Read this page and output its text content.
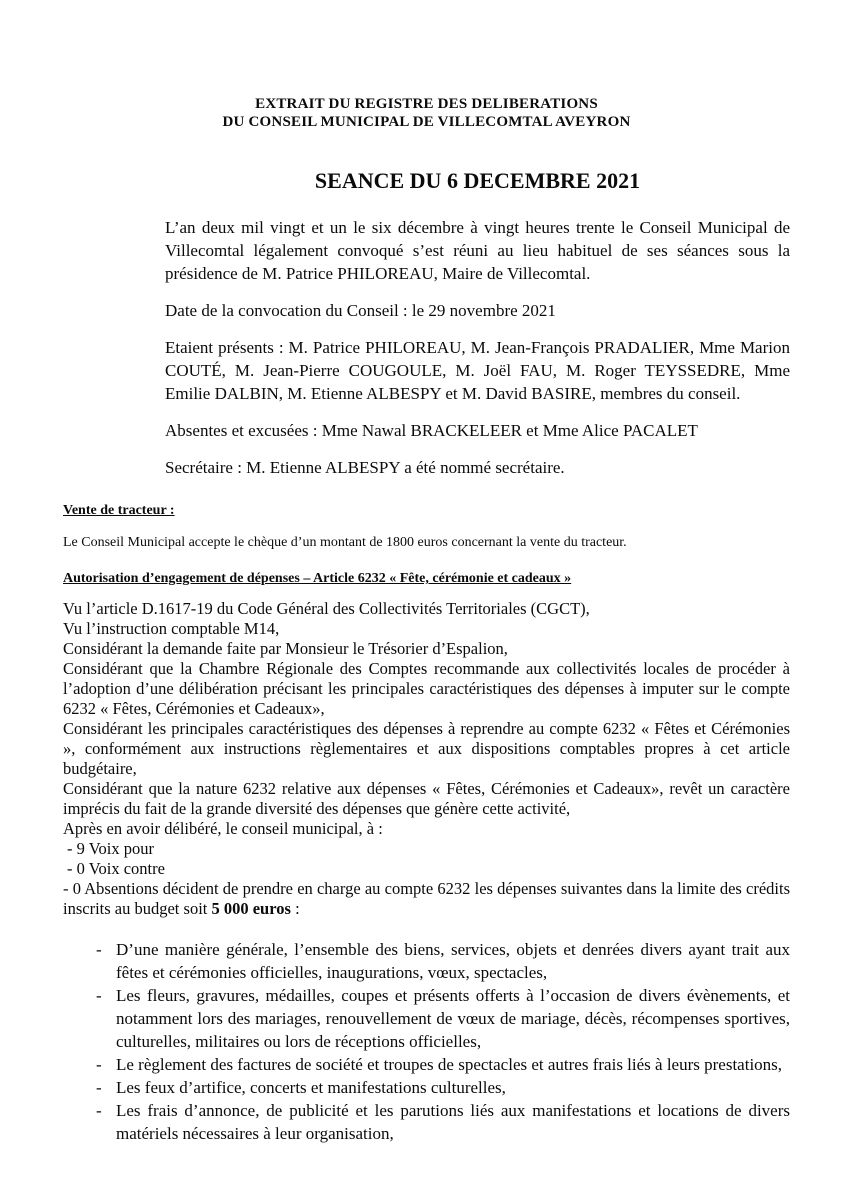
EXTRAIT DU REGISTRE DES DELIBERATIONS
DU CONSEIL MUNICIPAL DE VILLECOMTAL AVEYRON
SEANCE DU 6 DECEMBRE 2021

L’an deux mil vingt et un le six décembre à vingt heures trente le Conseil Municipal de Villecomtal légalement convoqué s’est réuni au lieu habituel de ses séances sous la présidence de M. Patrice PHILOREAU, Maire de Villecomtal.

Date de la convocation du Conseil : le 29 novembre 2021

Etaient présents : M. Patrice PHILOREAU, M. Jean-François PRADALIER, Mme Marion COUTÉ, M. Jean-Pierre COUGOULE, M. Joël FAU, M. Roger TEYSSEDRE, Mme Emilie DALBIN, M. Etienne ALBESPY et M. David BASIRE, membres du conseil.

Absentes et excusées : Mme Nawal BRACKELEER et Mme Alice PACALET

Secrétaire : M. Etienne ALBESPY a été nommé secrétaire.

Vente de tracteur :

Le Conseil Municipal accepte le chèque d’un montant de 1800 euros concernant la vente du tracteur.

Autorisation d’engagement de dépenses – Article 6232 « Fête, cérémonie et cadeaux »

Vu l’article D.1617-19 du Code Général des Collectivités Territoriales (CGCT),

Vu l’instruction comptable M14,

Considérant la demande faite par Monsieur le Trésorier d’Espalion,

Considérant que la Chambre Régionale des Comptes recommande aux collectivités locales de procéder à l’adoption d’une délibération précisant les principales caractéristiques des dépenses à imputer sur le compte 6232 « Fêtes, Cérémonies et Cadeaux»,

Considérant les principales caractéristiques des dépenses à reprendre au compte 6232 « Fêtes et Cérémonies », conformément aux instructions règlementaires et aux dispositions comptables propres à cet article budgétaire,

Considérant que la nature 6232 relative aux dépenses « Fêtes, Cérémonies et Cadeaux», revêt un caractère imprécis du fait de la grande diversité des dépenses que génère cette activité,

Après en avoir délibéré, le conseil municipal, à :

- 9 Voix pour

- 0 Voix contre

- 0 Absentions décident de prendre en charge au compte 6232 les dépenses suivantes dans la limite des crédits inscrits au budget soit 5 000 euros :

- D’une manière générale, l’ensemble des biens, services, objets et denrées divers ayant trait aux fêtes et cérémonies officielles, inaugurations, vœux, spectacles,
- Les fleurs, gravures, médailles, coupes et présents offerts à l’occasion de divers évènements, et notamment lors des mariages, renouvellement de vœux de mariage, décès, récompenses sportives, culturelles, militaires ou lors de réceptions officielles,
- Le règlement des factures de société et troupes de spectacles et autres frais liés à leurs prestations,
- Les feux d’artifice, concerts et manifestations culturelles,
- Les frais d’annonce, de publicité et les parutions liés aux manifestations et locations de divers matériels nécessaires à leur organisation,
